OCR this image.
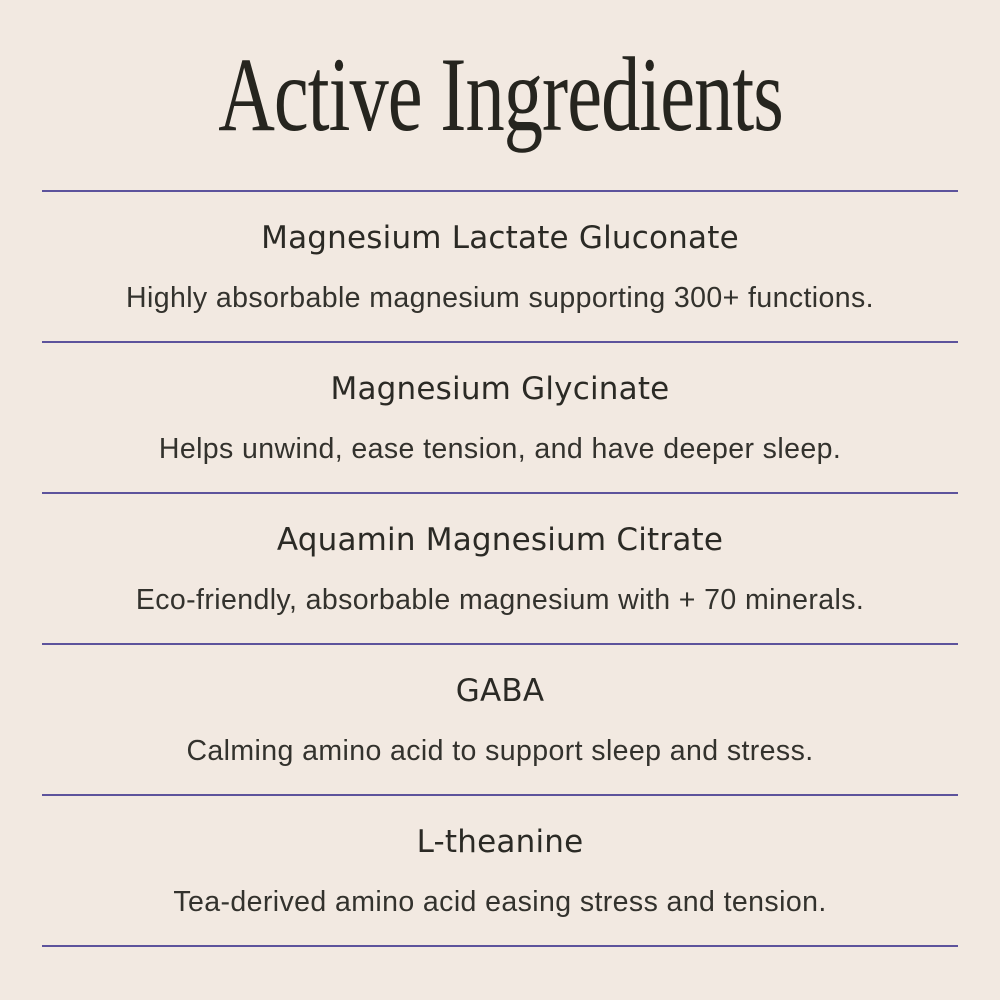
Active Ingredients
Magnesium Lactate Gluconate
Highly absorbable magnesium supporting 300+ functions.
Magnesium Glycinate
Helps unwind, ease tension, and have deeper sleep.
Aquamin Magnesium Citrate
Eco-friendly, absorbable magnesium with + 70 minerals.
GABA
Calming amino acid to support sleep and stress.
L-theanine
Tea-derived amino acid easing stress and tension.
